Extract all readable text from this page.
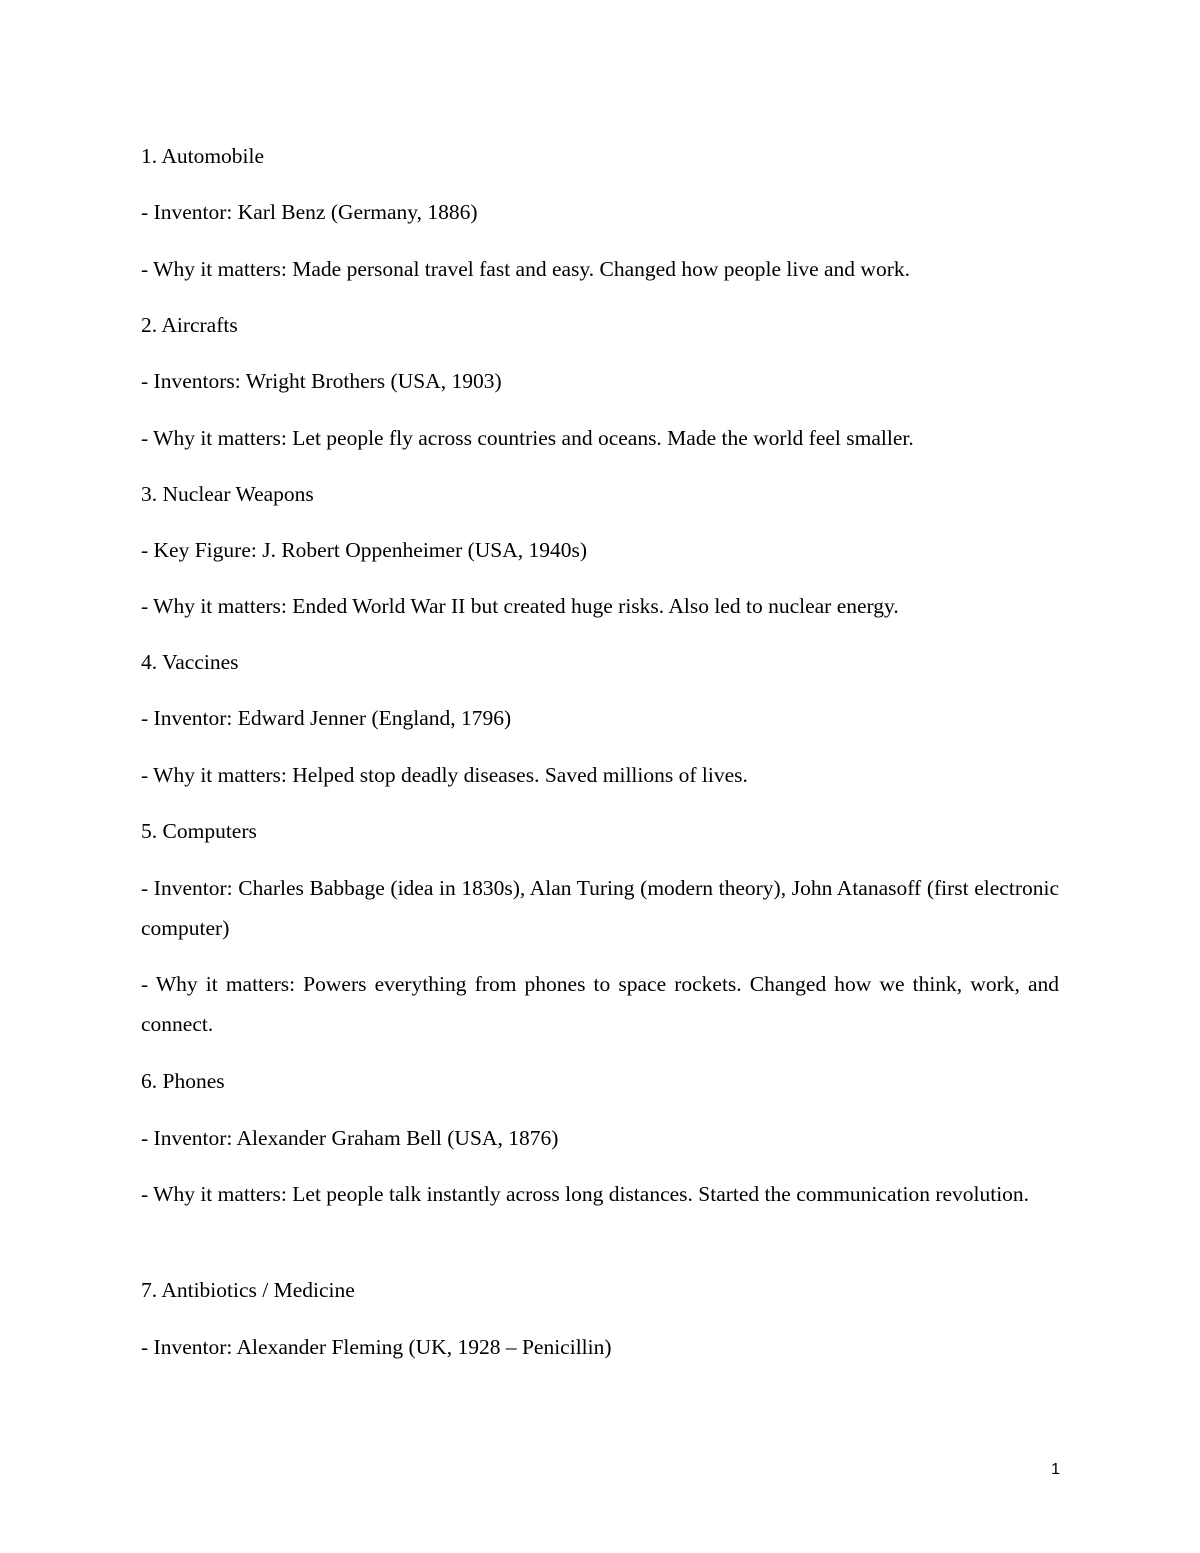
1. Automobile
- Inventor: Karl Benz (Germany, 1886)
- Why it matters: Made personal travel fast and easy. Changed how people live and work.
2. Aircrafts
- Inventors: Wright Brothers (USA, 1903)
- Why it matters: Let people fly across countries and oceans. Made the world feel smaller.
3. Nuclear Weapons
- Key Figure: J. Robert Oppenheimer (USA, 1940s)
- Why it matters: Ended World War II but created huge risks. Also led to nuclear energy.
4. Vaccines
- Inventor: Edward Jenner (England, 1796)
- Why it matters: Helped stop deadly diseases. Saved millions of lives.
5. Computers
- Inventor: Charles Babbage (idea in 1830s), Alan Turing (modern theory), John Atanasoff (first electronic computer)
- Why it matters: Powers everything from phones to space rockets. Changed how we think, work, and connect.
6. Phones
- Inventor: Alexander Graham Bell (USA, 1876)
- Why it matters: Let people talk instantly across long distances. Started the communication revolution.
7. Antibiotics / Medicine
- Inventor: Alexander Fleming (UK, 1928 – Penicillin)
1
